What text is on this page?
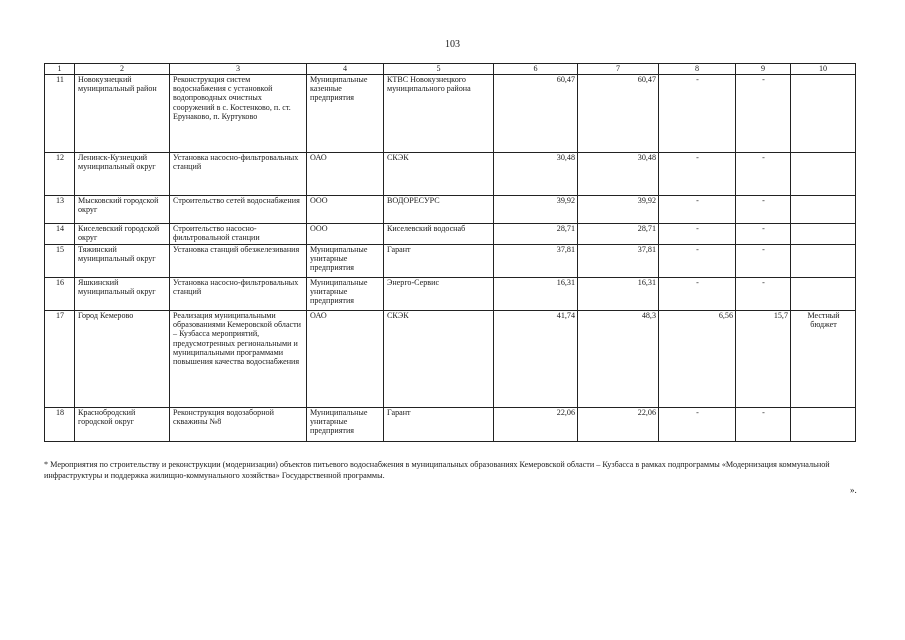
103
1	2	3	4	5	6	7	8	9	10
11	Новокузнецкий муниципальный район	Реконструкция систем водоснабжения с установкой водопроводных очистных сооружений в с. Костенково, п. ст. Ерунаково, п. Куртуково	Муниципальные казенные предприятия	КТВС Новокузнецкого муниципального района	60,47	60,47	-	-	
12	Ленинск-Кузнецкий муниципальный округ	Установка насосно-фильтровальных станций	ОАО	СКЭК	30,48	30,48	-	-	
13	Мысковский городской округ	Строительство сетей водоснабжения	ООО	ВОДОРЕСУРС	39,92	39,92	-	-	
14	Киселевский городской округ	Строительство насосно-фильтровальной станции	ООО	Киселевский водоснаб	28,71	28,71	-	-	
15	Тяжинский муниципальный округ	Установка станций обезжелезивания	Муниципальные унитарные предприятия	Гарант	37,81	37,81	-	-	
16	Яшкинский муниципальный округ	Установка насосно-фильтровальных станций	Муниципальные унитарные предприятия	Энерго-Сервис	16,31	16,31	-	-	
17	Город Кемерово	Реализация муниципальными образованиями Кемеровской области – Кузбасса мероприятий, предусмотренных региональными и муниципальными программами повышения качества водоснабжения	ОАО	СКЭК	41,74	48,3	6,56	15,7	Местный бюджет
18	Краснобродский городской округ	Реконструкция водозаборной скважины №8	Муниципальные унитарные предприятия	Гарант	22,06	22,06	-	-	
* Мероприятия по строительству и реконструкции (модернизации) объектов питьевого водоснабжения в муниципальных образованиях Кемеровской области – Кузбасса в рамках подпрограммы «Модернизация коммунальной инфраструктуры и поддержка жилищно-коммунального хозяйства» Государственной программы.
».
